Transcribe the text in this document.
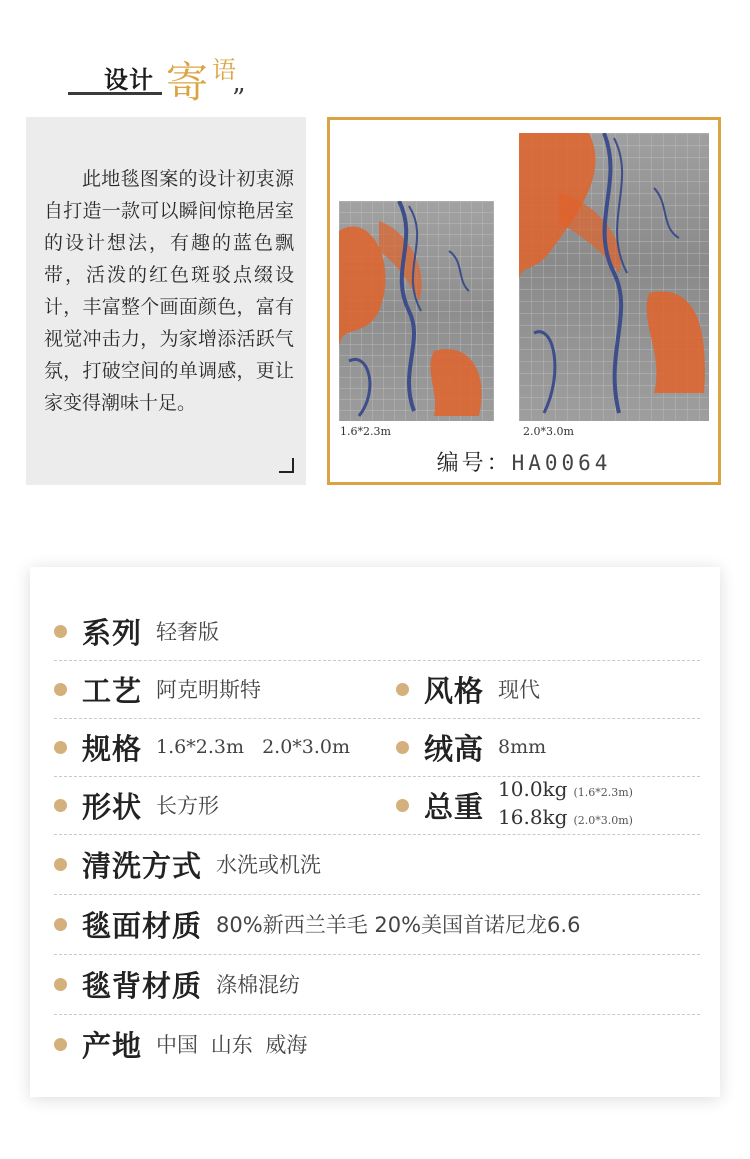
设计 寄 语
”
此地毯图案的设计初衷源自打造一款可以瞬间惊艳居室的设计想法，有趣的蓝色飘带，活泼的红色斑驳点缀设计，丰富整个画面颜色，富有视觉冲击力，为家增添活跃气氛，打破空间的单调感，更让家变得潮味十足。
1.6*2.3m	2.0*3.0m
编号：HA0064
系列 轻奢版
工艺 阿克明斯特	风格 现代
规格 1.6*2.3m   2.0*3.0m	绒高 8mm
形状 长方形	总重
10.0kg (1.6*2.3m)
16.8kg (2.0*3.0m)
清洗方式 水洗或机洗
毯面材质 80%新西兰羊毛 20%美国首诺尼龙6.6
毯背材质 涤棉混纺
产地 中国 山东 威海
